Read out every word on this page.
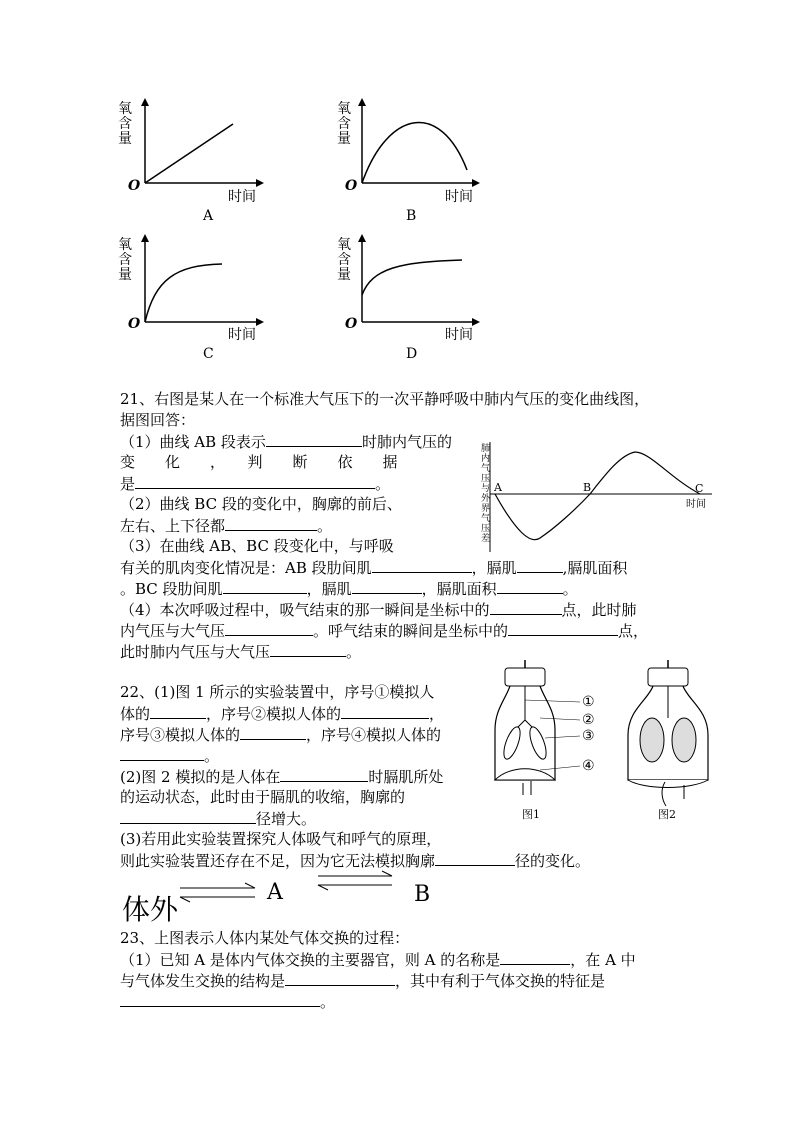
氧
含
量
O
时间
A
氧
含
量
O
时间
B
氧
含
量
O
时间
C
氧
含
量
O
时间
D
21、右图是某人在一个标准大气压下的一次平静呼吸中肺内气压的变化曲线图，
据图回答：
（1）曲线 AB 段表示	时肺内气压的
变　　化　　，　　判　　断　　依　　据
是	。
（2）曲线 BC 段的变化中，胸廓的前后、
左右、上下径都	。
（3）在曲线 AB、BC 段变化中，与呼吸
有关的肌肉变化情况是：AB 段肋间肌	，膈肌	,膈肌面积
。BC 段肋间肌	，膈肌	，膈肌面积	。
（4）本次呼吸过程中，吸气结束的那一瞬间是坐标中的	点，此时肺
内气压与大气压	。呼气结束的瞬间是坐标中的	点，
此时肺内气压与大气压	。
肺内气压与外界气压差 A	B	C
时间
22、(1)图 1 所示的实验装置中，序号①模拟人
体的	，序号②模拟人体的	，
序号③模拟人体的	，序号④模拟人体的
。
(2)图 2 模拟的是人体在	时膈肌所处
的运动状态，此时由于膈肌的收缩，胸廓的
径增大。
(3)若用此实验装置探究人体吸气和呼气的原理，
则此实验装置还存在不足，因为它无法模拟胸廓	径的变化。
①
②
③
④
图1	图2
体外
A	B
23、上图表示人体内某处气体交换的过程：
（1）已知 A 是体内气体交换的主要器官，则 A 的名称是	，在 A 中
与气体发生交换的结构是	，其中有利于气体交换的特征是
。
